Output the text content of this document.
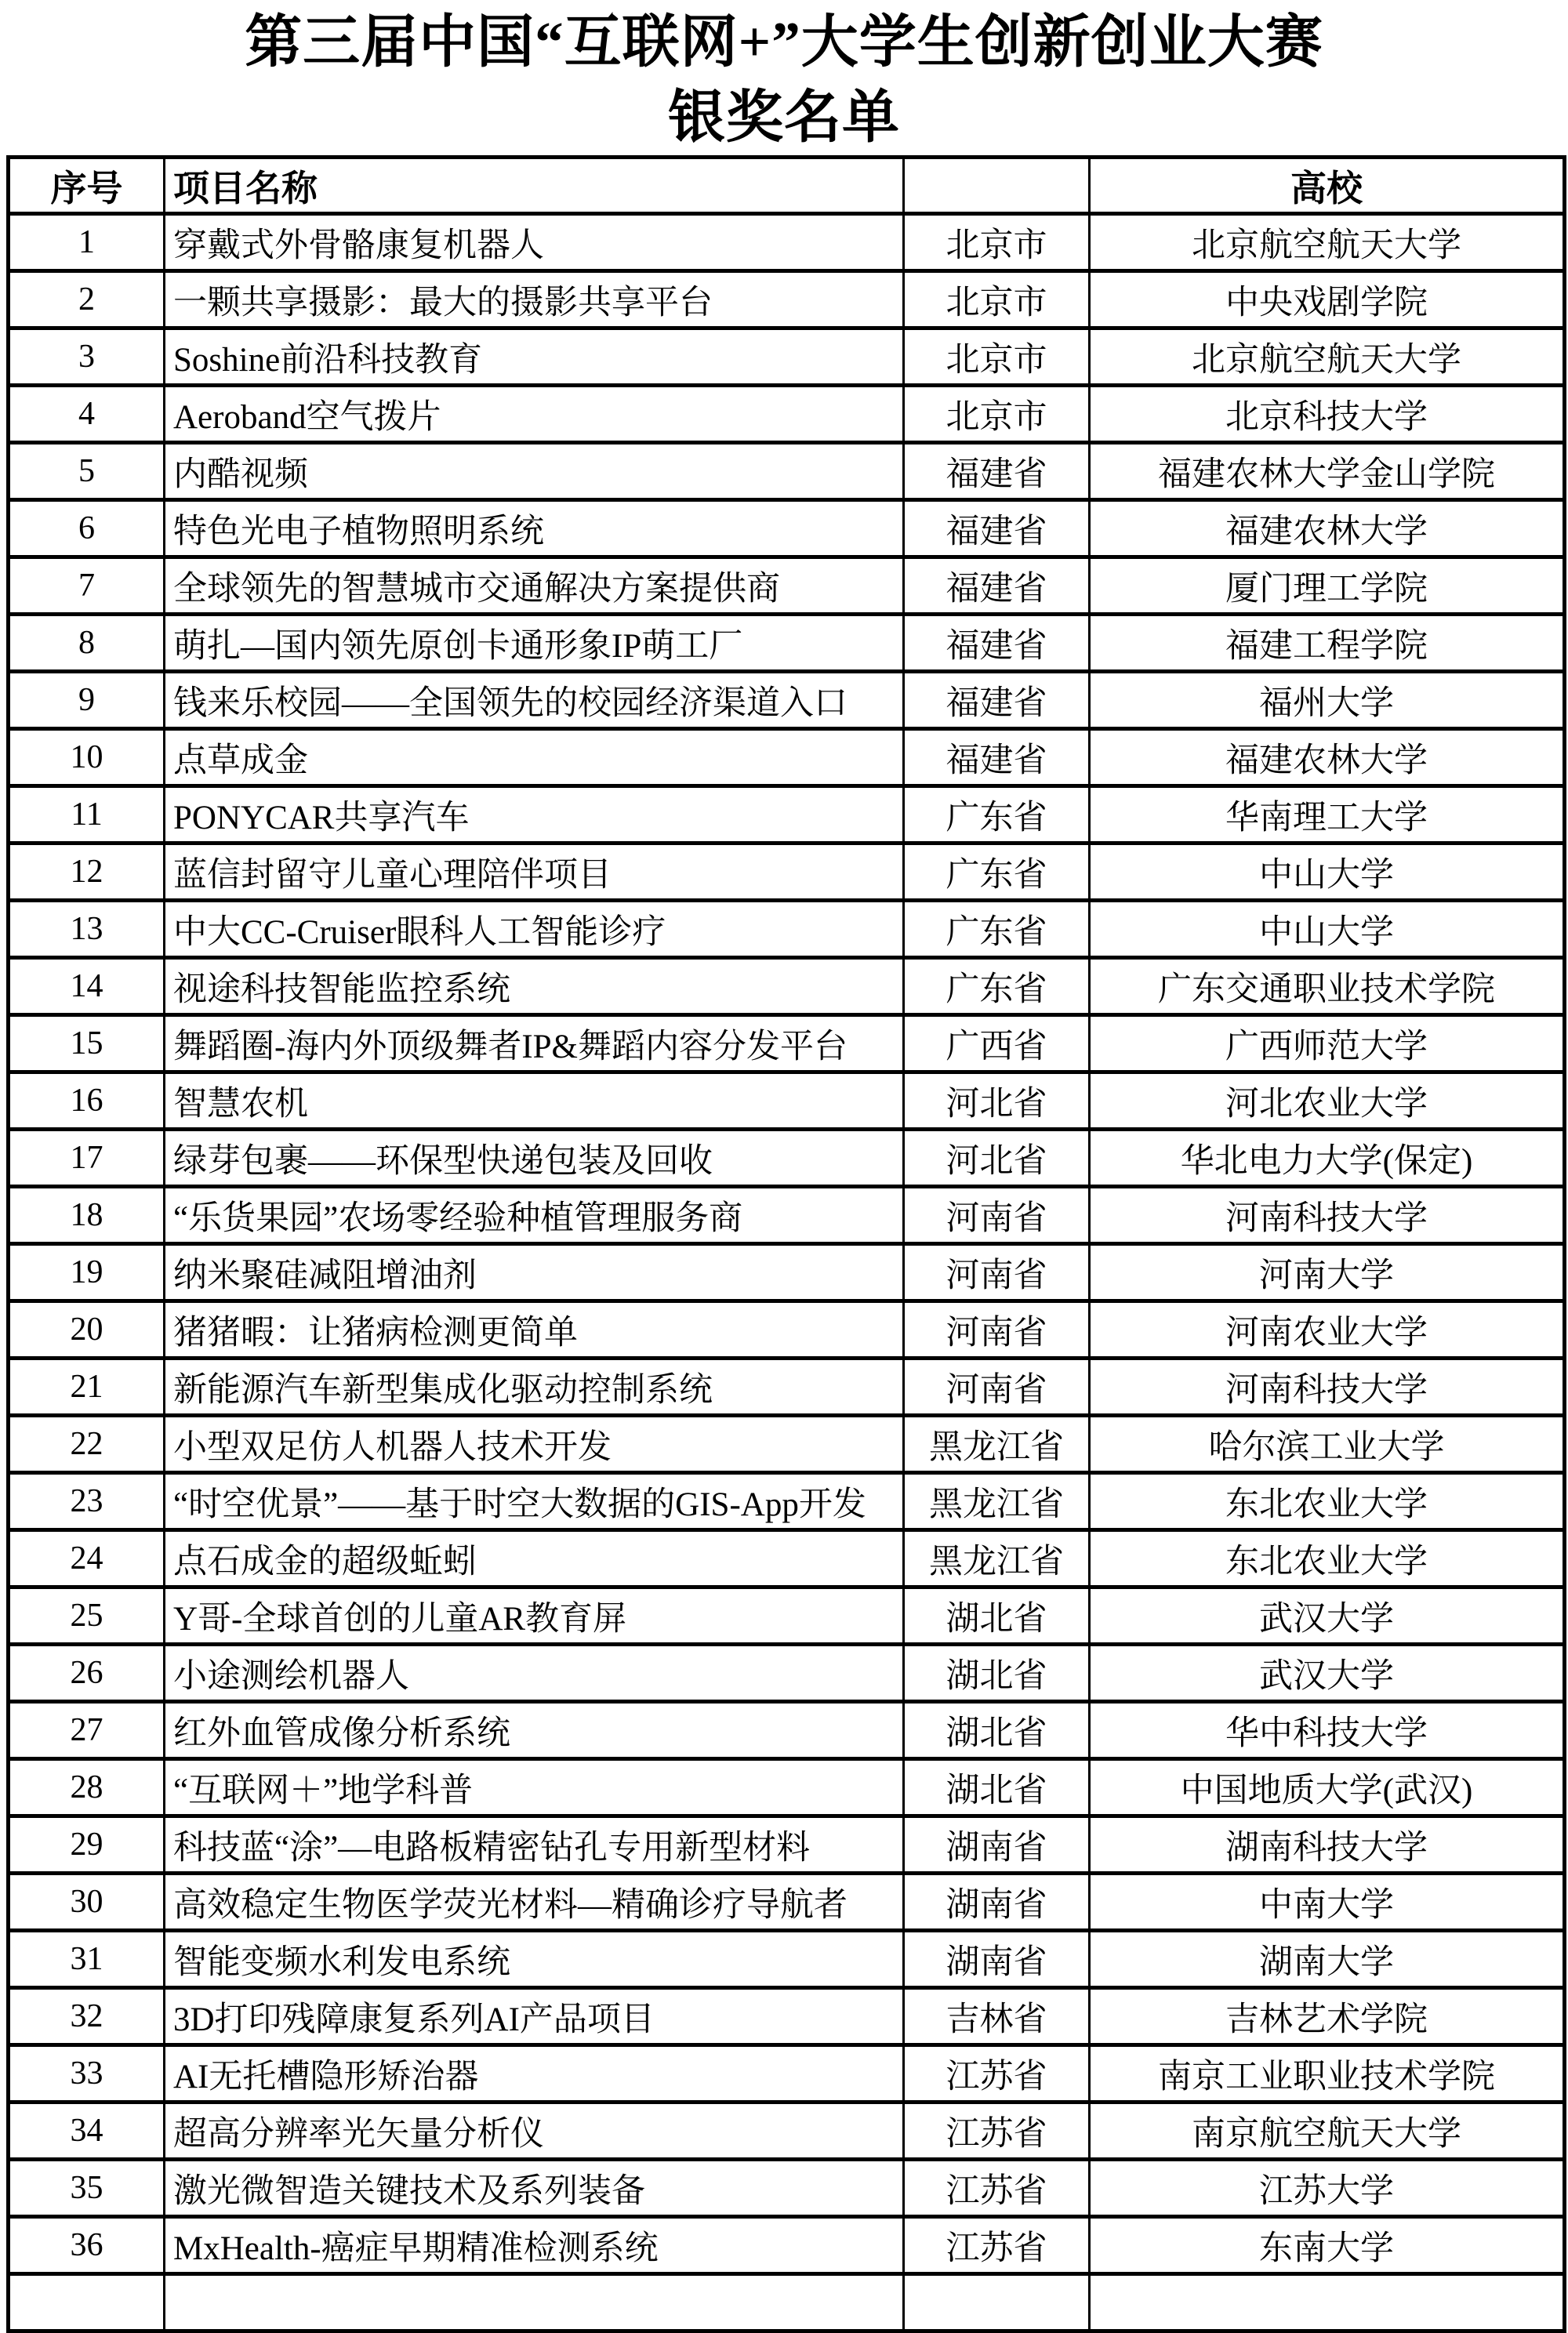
第三届中国“互联网+”大学生创新创业大赛
银奖名单
序号	项目名称		高校
1	穿戴式外骨骼康复机器人	北京市	北京航空航天大学
2	一颗共享摄影：最大的摄影共享平台	北京市	中央戏剧学院
3	Soshine前沿科技教育	北京市	北京航空航天大学
4	Aeroband空气拨片	北京市	北京科技大学
5	内酷视频	福建省	福建农林大学金山学院
6	特色光电子植物照明系统	福建省	福建农林大学
7	全球领先的智慧城市交通解决方案提供商	福建省	厦门理工学院
8	萌扎—国内领先原创卡通形象IP萌工厂	福建省	福建工程学院
9	钱来乐校园——全国领先的校园经济渠道入口	福建省	福州大学
10	点草成金	福建省	福建农林大学
11	PONYCAR共享汽车	广东省	华南理工大学
12	蓝信封留守儿童心理陪伴项目	广东省	中山大学
13	中大CC-Cruiser眼科人工智能诊疗	广东省	中山大学
14	视途科技智能监控系统	广东省	广东交通职业技术学院
15	舞蹈圈-海内外顶级舞者IP&舞蹈内容分发平台	广西省	广西师范大学
16	智慧农机	河北省	河北农业大学
17	绿芽包裹——环保型快递包装及回收	河北省	华北电力大学(保定)
18	“乐货果园”农场零经验种植管理服务商	河南省	河南科技大学
19	纳米聚硅减阻增油剂	河南省	河南大学
20	猪猪暇：让猪病检测更简单	河南省	河南农业大学
21	新能源汽车新型集成化驱动控制系统	河南省	河南科技大学
22	小型双足仿人机器人技术开发	黑龙江省	哈尔滨工业大学
23	“时空优景”——基于时空大数据的GIS-App开发	黑龙江省	东北农业大学
24	点石成金的超级蚯蚓	黑龙江省	东北农业大学
25	Y哥-全球首创的儿童AR教育屏	湖北省	武汉大学
26	小途测绘机器人	湖北省	武汉大学
27	红外血管成像分析系统	湖北省	华中科技大学
28	“互联网＋”地学科普	湖北省	中国地质大学(武汉)
29	科技蓝“涂”—电路板精密钻孔专用新型材料	湖南省	湖南科技大学
30	高效稳定生物医学荧光材料—精确诊疗导航者	湖南省	中南大学
31	智能变频水利发电系统	湖南省	湖南大学
32	3D打印残障康复系列AI产品项目	吉林省	吉林艺术学院
33	AI无托槽隐形矫治器	江苏省	南京工业职业技术学院
34	超高分辨率光矢量分析仪	江苏省	南京航空航天大学
35	激光微智造关键技术及系列装备	江苏省	江苏大学
36	MxHealth-癌症早期精准检测系统	江苏省	东南大学
